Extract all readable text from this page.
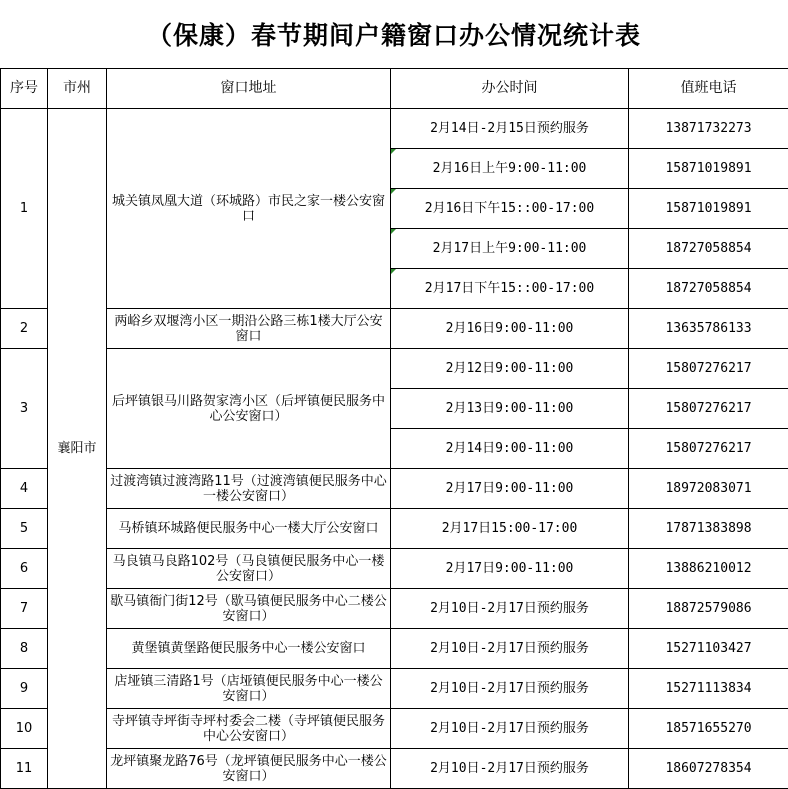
（保康）春节期间户籍窗口办公情况统计表
序号	市州	窗口地址	办公时间	值班电话
1	襄阳市	城关镇凤凰大道（环城路）市民之家一楼公安窗口	2月14日-2月15日预约服务	13871732273
			2月16日上午9:00-11:00	15871019891
			2月16日下午15::00-17:00	15871019891
			2月17日上午9:00-11:00	18727058854
			2月17日下午15::00-17:00	18727058854
2		两峪乡双堰湾小区一期沿公路三栋1楼大厅公安窗口	2月16日9:00-11:00	13635786133
3		后坪镇银马川路贺家湾小区（后坪镇便民服务中心公安窗口）	2月12日9:00-11:00	15807276217
			2月13日9:00-11:00	15807276217
			2月14日9:00-11:00	15807276217
4		过渡湾镇过渡湾路11号（过渡湾镇便民服务中心一楼公安窗口）	2月17日9:00-11:00	18972083071
5		马桥镇环城路便民服务中心一楼大厅公安窗口	2月17日15:00-17:00	17871383898
6		马良镇马良路102号（马良镇便民服务中心一楼公安窗口）	2月17日9:00-11:00	13886210012
7		歇马镇衙门街12号（歇马镇便民服务中心二楼公安窗口）	2月10日-2月17日预约服务	18872579086
8		黄堡镇黄堡路便民服务中心一楼公安窗口	2月10日-2月17日预约服务	15271103427
9		店垭镇三清路1号（店垭镇便民服务中心一楼公安窗口）	2月10日-2月17日预约服务	15271113834
10		寺坪镇寺坪街寺坪村委会二楼（寺坪镇便民服务中心公安窗口）	2月10日-2月17日预约服务	18571655270
11		龙坪镇聚龙路76号（龙坪镇便民服务中心一楼公安窗口）	2月10日-2月17日预约服务	18607278354
